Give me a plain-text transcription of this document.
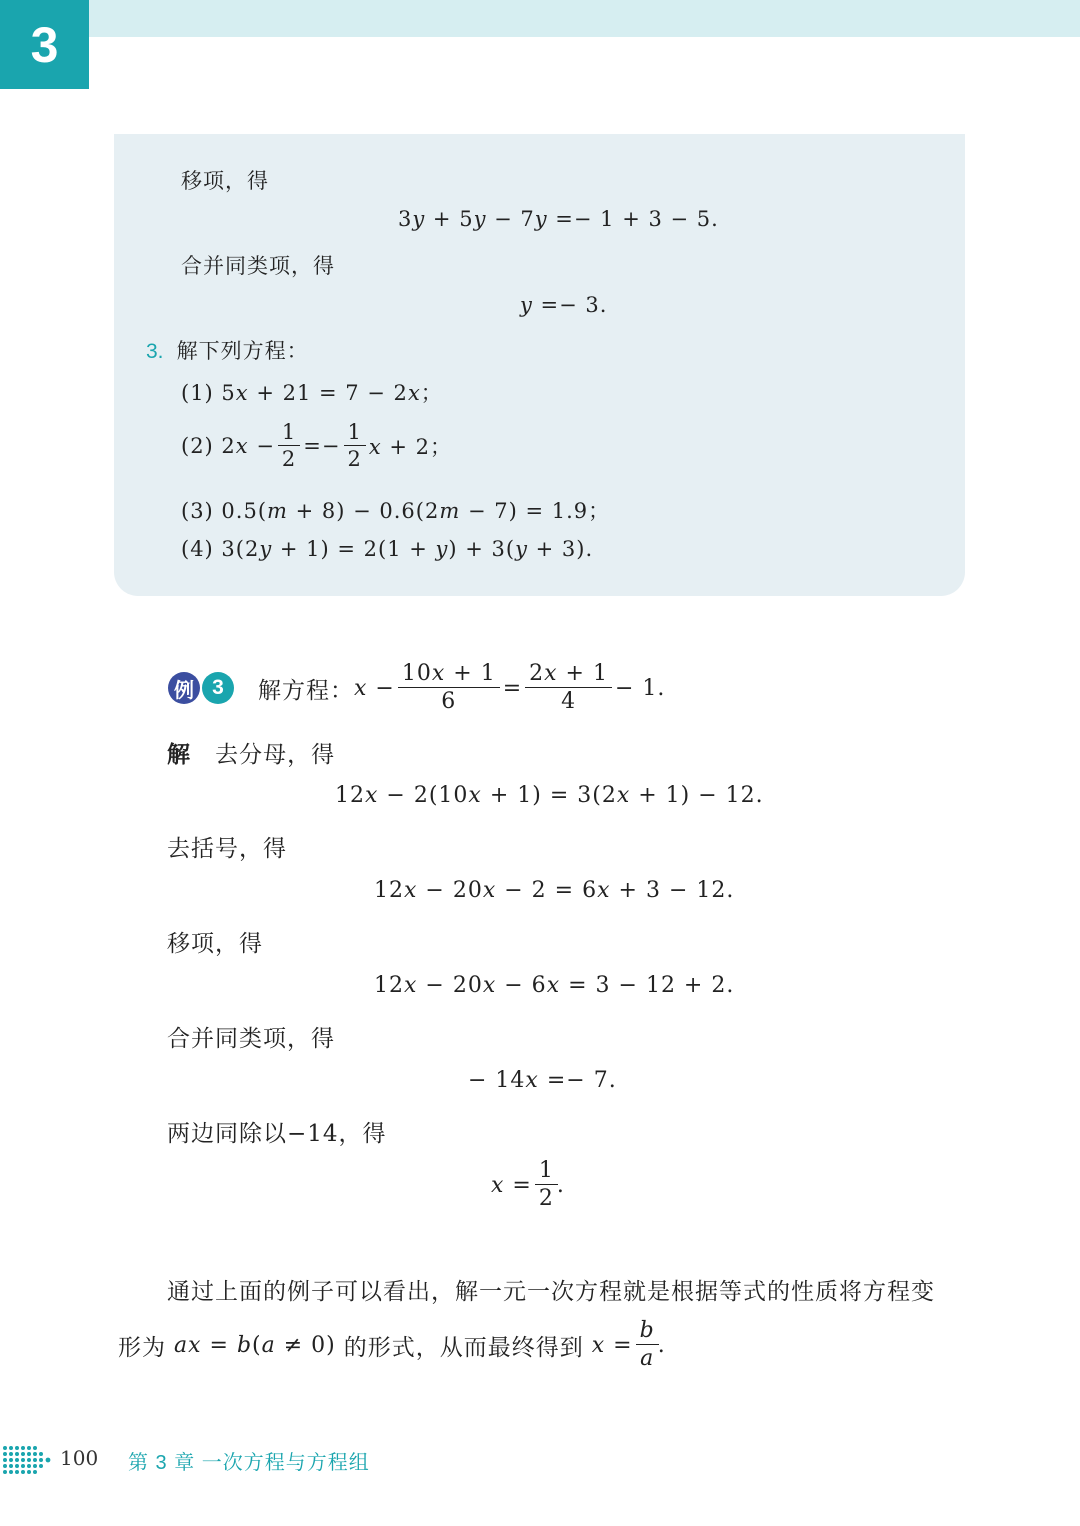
3
移项，得
3y + 5y − 7y =− 1 + 3 − 5.
合并同类项，得
y =− 3.
3. 解下列方程：
(1) 5x + 21 = 7 − 2x；
(2) $2x - \frac{1}{2} =- \frac{1}{2}$ x + 2；
(3) 0.5(m + 8) − 0.6(2m − 7) = 1.9；
(4) 3(2y + 1) = 2(1 + y) + 3(y + 3).
例 3	解方程： $x - \frac{10x + 1}{6} = \frac{2x + 1}{4} - 1$.
解 去分母，得
12x − 2(10x + 1) = 3(2x + 1) − 12.
去括号，得
12x − 20x − 2 = 6x + 3 − 12.
移项，得
12x − 20x − 6x = 3 − 12 + 2.
合并同类项，得
− 14x =− 7.
两边同除以−14，得
$x = \frac{1}{2}$ .
通过上面的例子可以看出，解一元一次方程就是根据等式的性质将方程变
形为 ax = b(a ≠ 0) 的形式，从而最终得到 $x = \frac{b}{a}$ .
100 第 3 章 一次方程与方程组
